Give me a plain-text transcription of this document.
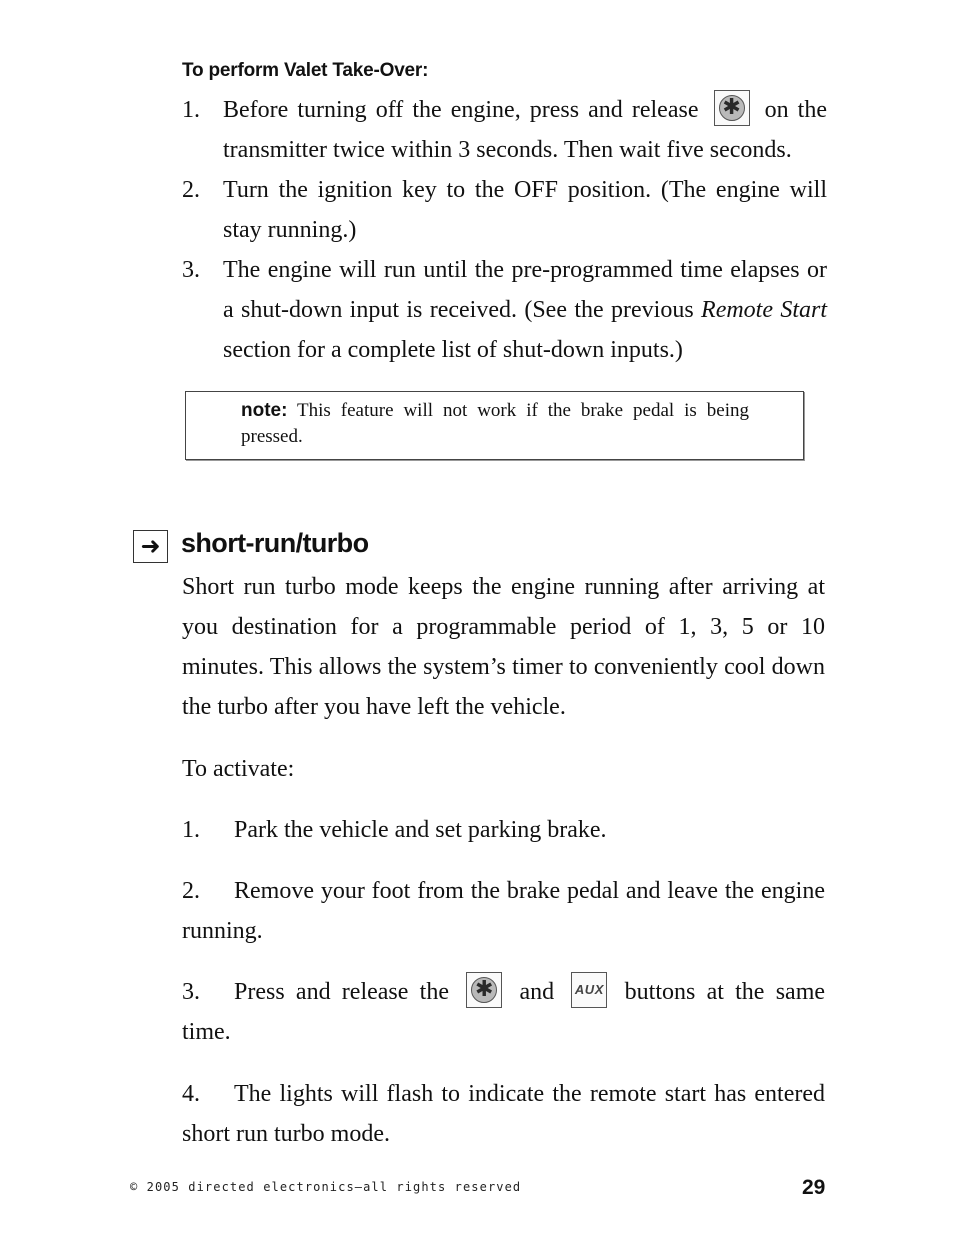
To perform Valet Take-Over:
1. Before turning off the engine, press and release	✱ on the transmitter twice within 3 seconds. Then wait five seconds.
2. Turn the ignition key to the OFF position. (The engine will stay running.)
3. The engine will run until the pre-programmed time elapses or a shut-down input is received. (See the previous Remote Start section for a complete list of shut-down inputs.)
note: This feature will not work if the brake pedal is being pressed.
➜ short-run/turbo
Short run turbo mode keeps the engine running after arriving at you destination for a programmable period of 1, 3, 5 or 10 minutes. This allows the system’s timer to conveniently cool down the turbo after you have left the vehicle.
To activate:
1. Park the vehicle and set parking brake.
2. Remove your foot from the brake pedal and leave the engine running.
3. Press and release the	✱	and AUX buttons at the same time.
4. The lights will flash to indicate the remote start has entered short run turbo mode.
© 2005 directed electronics—all rights reserved	29
